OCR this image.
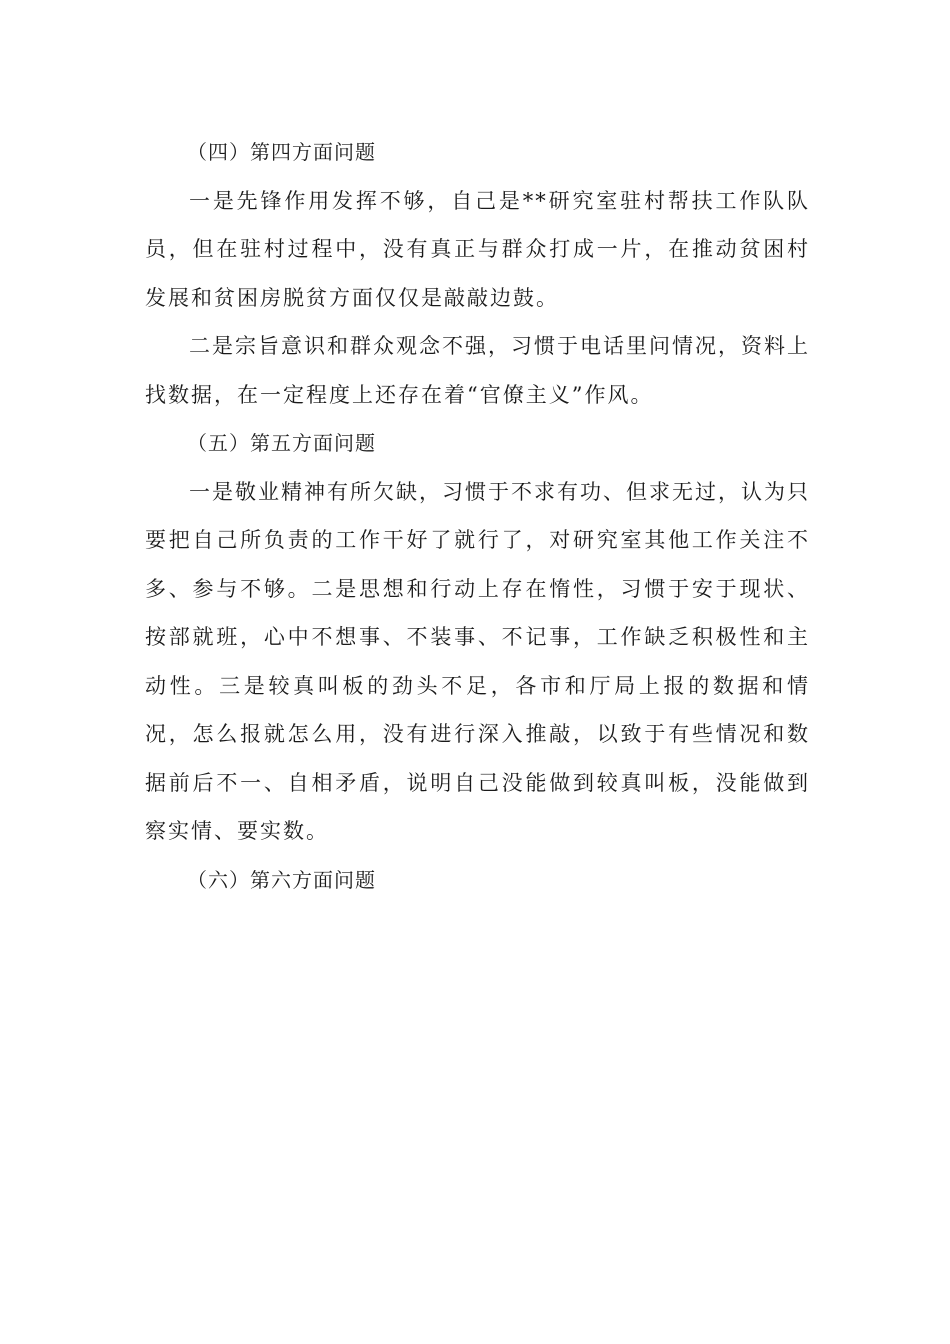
（四）第四方面问题

一是先锋作用发挥不够，自己是**研究室驻村帮扶工作队队员，但在驻村过程中，没有真正与群众打成一片，在推动贫困村发展和贫困房脱贫方面仅仅是敲敲边鼓。

二是宗旨意识和群众观念不强，习惯于电话里问情况，资料上找数据，在一定程度上还存在着“官僚主义”作风。

（五）第五方面问题

一是敬业精神有所欠缺，习惯于不求有功、但求无过，认为只要把自己所负责的工作干好了就行了，对研究室其他工作关注不多、参与不够。二是思想和行动上存在惰性，习惯于安于现状、按部就班，心中不想事、不装事、不记事，工作缺乏积极性和主动性。三是较真叫板的劲头不足，各市和厅局上报的数据和情况，怎么报就怎么用，没有进行深入推敲，以致于有些情况和数据前后不一、自相矛盾，说明自己没能做到较真叫板，没能做到察实情、要实数。

（六）第六方面问题
